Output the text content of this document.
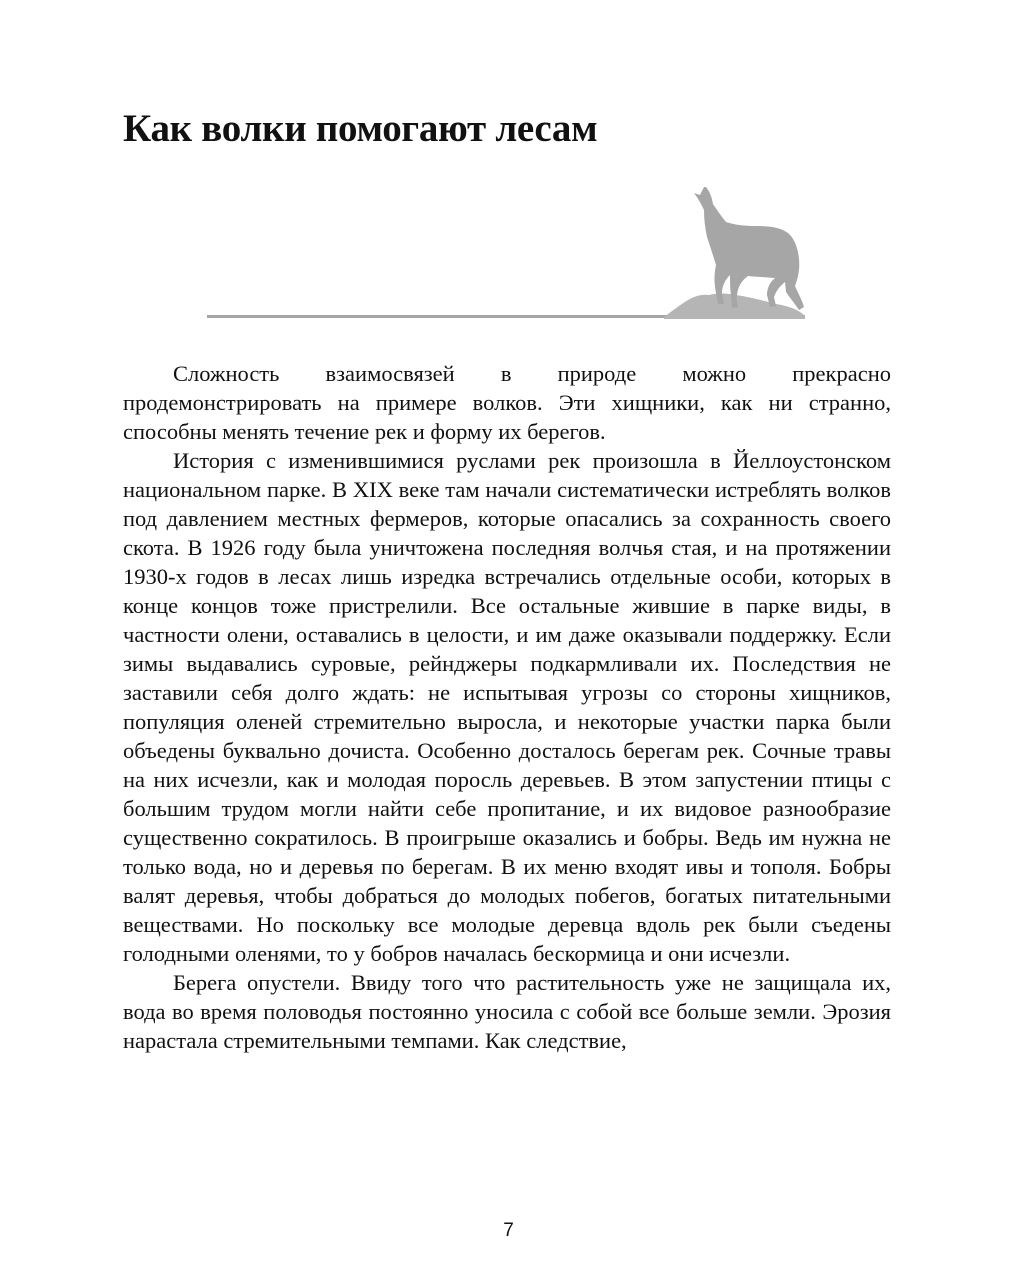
Как волки помогают лесам

Сложность взаимосвязей в природе можно прекрасно продемонстрировать на примере волков. Эти хищники, как ни странно, способны менять течение рек и форму их берегов.

История с изменившимися руслами рек произошла в Йеллоустонском национальном парке. В XIX веке там начали систематически истреблять волков под давлением местных фермеров, которые опасались за сохранность своего скота. В 1926 году была уничтожена последняя волчья стая, и на протяжении 1930-х годов в лесах лишь изредка встречались отдельные особи, которых в конце концов тоже пристрелили. Все остальные жившие в парке виды, в частности олени, оставались в целости, и им даже оказывали поддержку. Если зимы выдавались суровые, рейнджеры подкармливали их. Последствия не заставили себя долго ждать: не испытывая угрозы со стороны хищников, популяция оленей стремительно выросла, и некоторые участки парка были объедены буквально дочиста. Особенно досталось берегам рек. Сочные травы на них исчезли, как и молодая поросль деревьев. В этом запустении птицы с большим трудом могли найти себе пропитание, и их видовое разнообразие существенно сократилось. В проигрыше оказались и бобры. Ведь им нужна не только вода, но и деревья по берегам. В их меню входят ивы и тополя. Бобры валят деревья, чтобы добраться до молодых побегов, богатых питательными веществами. Но поскольку все молодые деревца вдоль рек были съедены голодными оленями, то у бобров началась бескормица и они исчезли.

Берега опустели. Ввиду того что растительность уже не защищала их, вода во время половодья постоянно уносила с собой все больше земли. Эрозия нарастала стремительными темпами. Как следствие,

7
